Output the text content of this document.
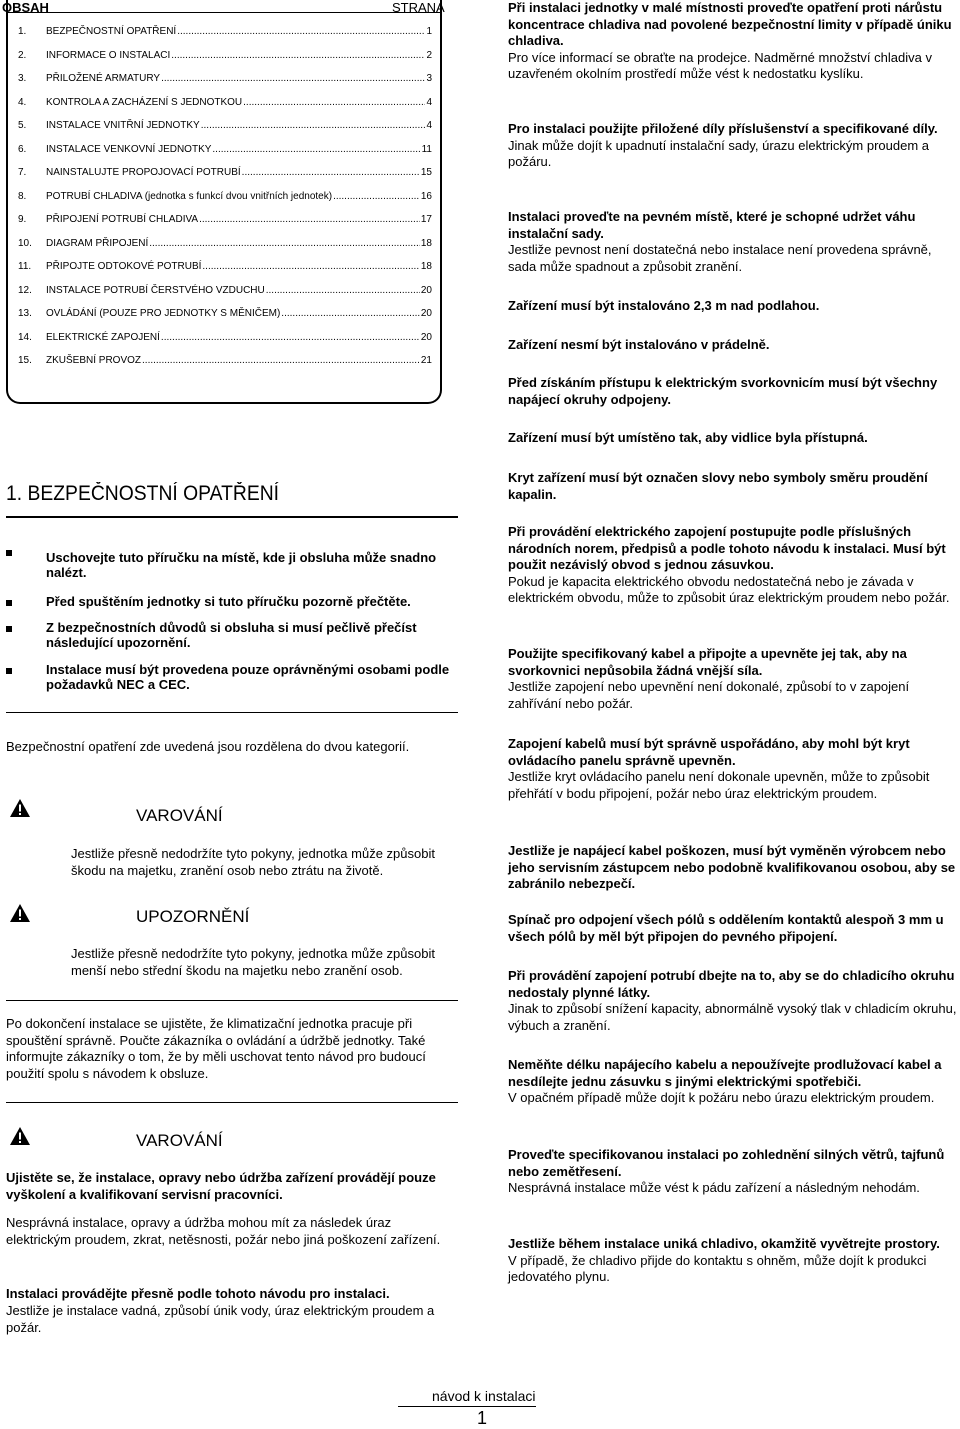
OBSAH	STRANA
1.	BEZPEČNOSTNÍ OPATŘENÍ .....	1
2.	INFORMACE O INSTALACI .....	2
3.	PŘILOŽENÉ ARMATURY .....	3
4.	KONTROLA A ZACHÁZENÍ S JEDNOTKOU .....	4
5.	INSTALACE VNITŘNÍ JEDNOTKY .....	4
6.	INSTALACE VENKOVNÍ JEDNOTKY .....	11
7.	NAINSTALUJTE PROPOJOVACÍ POTRUBÍ .....	15
8.	POTRUBÍ CHLADIVA (jednotka s funkcí dvou vnitřních jednotek) .....	16
9.	PŘIPOJENÍ POTRUBÍ CHLADIVA .....	17
10.	DIAGRAM PŘIPOJENÍ .....	18
11.	PŘIPOJTE ODTOKOVÉ POTRUBÍ .....	18
12.	INSTALACE POTRUBÍ ČERSTVÉHO VZDUCHU .....	20
13.	OVLÁDÁNÍ (POUZE PRO JEDNOTKY S MĚNIČEM) .....	20
14.	ELEKTRICKÉ ZAPOJENÍ .....	20
15.	ZKUŠEBNÍ PROVOZ .....	21
1. BEZPEČNOSTNÍ OPATŘENÍ
Uschovejte tuto příručku na místě, kde ji obsluha může snadno nalézt.
Před spuštěním jednotky si tuto příručku pozorně přečtěte.
Z bezpečnostních důvodů si obsluha si musí pečlivě přečíst následující upozornění.
Instalace musí být provedena pouze oprávněnými osobami podle požadavků NEC a CEC.
Bezpečnostní opatření zde uvedená jsou rozdělena do dvou kategorií.
VAROVÁNÍ
Jestliže přesně nedodržíte tyto pokyny, jednotka může způsobit škodu na majetku, zranění osob nebo ztrátu na životě.
UPOZORNĚNÍ
Jestliže přesně nedodržíte tyto pokyny, jednotka může způsobit menší nebo střední škodu na majetku nebo zranění osob.
Po dokončení instalace se ujistěte, že klimatizační jednotka pracuje při spouštění správně. Poučte zákazníka o ovládání a údržbě jednotky. Také informujte zákazníky o tom, že by měli uschovat tento návod pro budoucí použití spolu s návodem k obsluze.
VAROVÁNÍ
Ujistěte se, že instalace, opravy nebo údržba zařízení provádějí pouze vyškolení a kvalifikovaní servisní pracovníci.
Nesprávná instalace, opravy a údržba mohou mít za následek úraz elektrickým proudem, zkrat, netěsnosti, požár nebo jiná poškození zařízení.
Instalaci provádějte přesně podle tohoto návodu pro instalaci.
Jestliže je instalace vadná, způsobí únik vody, úraz elektrickým proudem a požár.
Při instalaci jednotky v malé místnosti proveďte opatření proti nárůstu koncentrace chladiva nad povolené bezpečnostní limity v případě úniku chladiva.
Pro více informací se obraťte na prodejce. Nadměrné množství chladiva v uzavřeném okolním prostředí může vést k nedostatku kyslíku.
Pro instalaci použijte přiložené díly příslušenství a specifikované díly.
Jinak může dojít k upadnutí instalační sady, úrazu elektrickým proudem a požáru.
Instalaci proveďte na pevném místě, které je schopné udržet váhu instalační sady.
Jestliže pevnost není dostatečná nebo instalace není provedena správně, sada může spadnout a způsobit zranění.
Zařízení musí být instalováno 2,3 m nad podlahou.
Zařízení nesmí být instalováno v prádelně.
Před získáním přístupu k elektrickým svorkovnicím musí být všechny napájecí okruhy odpojeny.
Zařízení musí být umístěno tak, aby vidlice byla přístupná.
Kryt zařízení musí být označen slovy nebo symboly směru proudění kapalin.
Při provádění elektrického zapojení postupujte podle příslušných národních norem, předpisů a podle tohoto návodu k instalaci. Musí být použit nezávislý obvod s jednou zásuvkou.
Pokud je kapacita elektrického obvodu nedostatečná nebo je závada v elektrickém obvodu, může to způsobit úraz elektrickým proudem nebo požár.
Použijte specifikovaný kabel a připojte a upevněte jej tak, aby na svorkovnici nepůsobila žádná vnější síla.
Jestliže zapojení nebo upevnění není dokonalé, způsobí to v zapojení zahřívání nebo požár.
Zapojení kabelů musí být správně uspořádáno, aby mohl být kryt ovládacího panelu správně upevněn.
Jestliže kryt ovládacího panelu není dokonale upevněn, může to způsobit přehřátí v bodu připojení, požár nebo úraz elektrickým proudem.
Jestliže je napájecí kabel poškozen, musí být vyměněn výrobcem nebo jeho servisním zástupcem nebo podobně kvalifikovanou osobou, aby se zabránilo nebezpečí.
Spínač pro odpojení všech pólů s oddělením kontaktů alespoň 3 mm u všech pólů by měl být připojen do pevného připojení.
Při provádění zapojení potrubí dbejte na to, aby se do chladicího okruhu nedostaly plynné látky.
Jinak to způsobí snížení kapacity, abnormálně vysoký tlak v chladicím okruhu, výbuch a zranění.
Neměňte délku napájecího kabelu a nepoužívejte prodlužovací kabel a nesdílejte jednu zásuvku s jinými elektrickými spotřebiči.
V opačném případě může dojít k požáru nebo úrazu elektrickým proudem.
Proveďte specifikovanou instalaci po zohlednění silných větrů, tajfunů nebo zemětřesení.
Nesprávná instalace může vést k pádu zařízení a následným nehodám.
Jestliže během instalace uniká chladivo, okamžitě vyvětrejte prostory.
V případě, že chladivo přijde do kontaktu s ohněm, může dojít k produkci jedovatého plynu.
návod k instalaci
1
